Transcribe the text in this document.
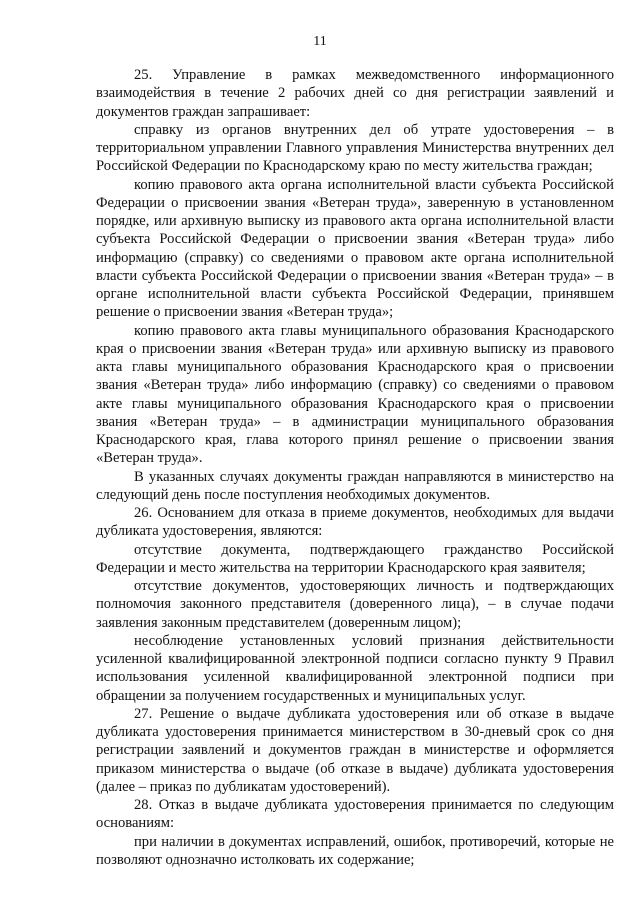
11

25. Управление в рамках межведомственного информационного взаимодействия в течение 2 рабочих дней со дня регистрации заявлений и документов граждан запрашивает:

справку из органов внутренних дел об утрате удостоверения – в территориальном управлении Главного управления Министерства внутренних дел Российской Федерации по Краснодарскому краю по месту жительства граждан;

копию правового акта органа исполнительной власти субъекта Российской Федерации о присвоении звания «Ветеран труда», заверенную в установленном порядке, или архивную выписку из правового акта органа исполнительной власти субъекта Российской Федерации о присвоении звания «Ветеран труда» либо информацию (справку) со сведениями о правовом акте органа исполнительной власти субъекта Российской Федерации о присвоении звания «Ветеран труда» – в органе исполнительной власти субъекта Российской Федерации, принявшем решение о присвоении звания «Ветеран труда»;

копию правового акта главы муниципального образования Краснодарского края о присвоении звания «Ветеран труда» или архивную выписку из правового акта главы муниципального образования Краснодарского края о присвоении звания «Ветеран труда» либо информацию (справку) со сведениями о правовом акте главы муниципального образования Краснодарского края о присвоении звания «Ветеран труда» – в администрации муниципального образования Краснодарского края, глава которого принял решение о присвоении звания «Ветеран труда».

В указанных случаях документы граждан направляются в министерство на следующий день после поступления необходимых документов.

26. Основанием для отказа в приеме документов, необходимых для выдачи дубликата удостоверения, являются:

отсутствие документа, подтверждающего гражданство Российской Федерации и место жительства на территории Краснодарского края заявителя;

отсутствие документов, удостоверяющих личность и подтверждающих полномочия законного представителя (доверенного лица), – в случае подачи заявления законным представителем (доверенным лицом);

несоблюдение установленных условий признания действительности усиленной квалифицированной электронной подписи согласно пункту 9 Правил использования усиленной квалифицированной электронной подписи при обращении за получением государственных и муниципальных услуг.

27. Решение о выдаче дубликата удостоверения или об отказе в выдаче дубликата удостоверения принимается министерством в 30-дневый срок со дня регистрации заявлений и документов граждан в министерстве и оформляется приказом министерства о выдаче (об отказе в выдаче) дубликата удостоверения (далее – приказ по дубликатам удостоверений).

28. Отказ в выдаче дубликата удостоверения принимается по следующим основаниям:

при наличии в документах исправлений, ошибок, противоречий, которые не позволяют однозначно истолковать их содержание;
